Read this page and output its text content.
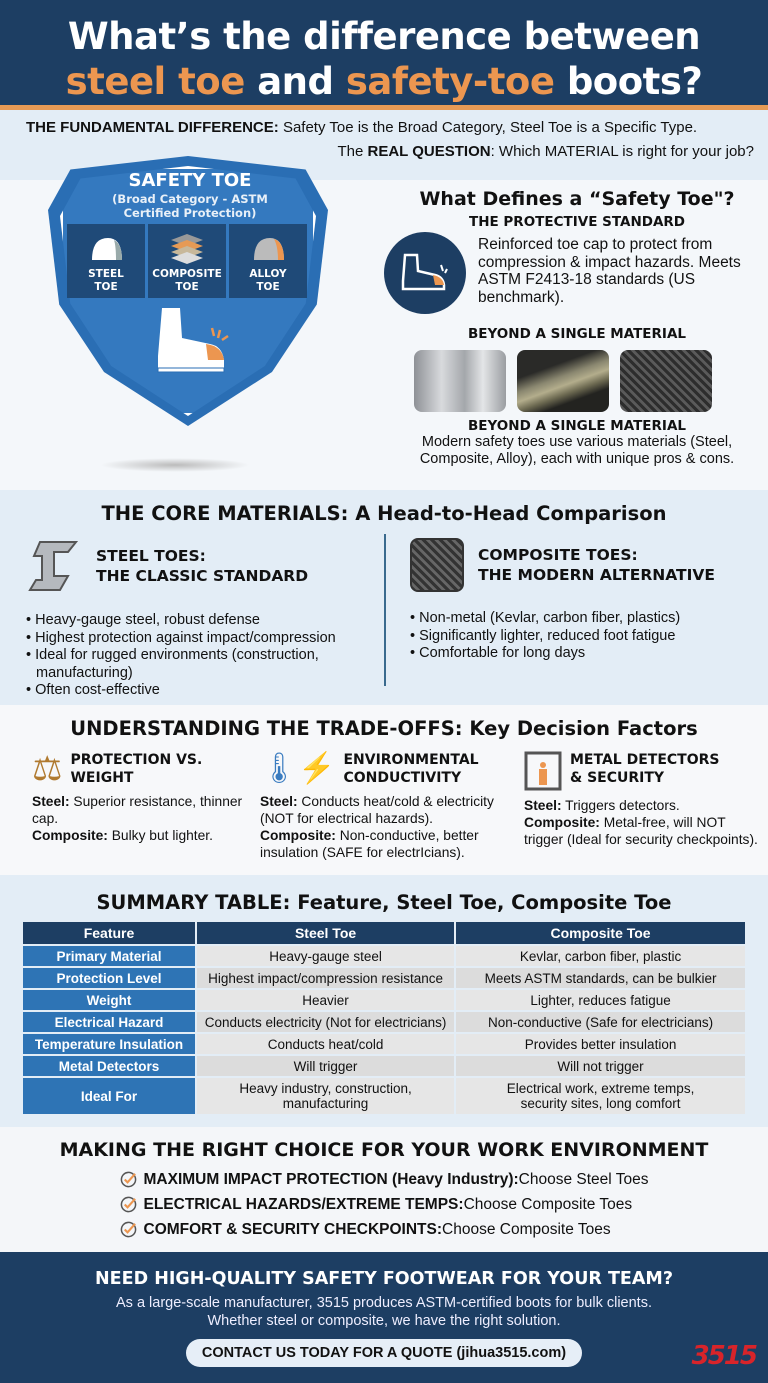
What’s the difference between
steel toe and safety-toe boots?
THE FUNDAMENTAL DIFFERENCE: Safety Toe is the Broad Category, Steel Toe is a Specific Type.
The REAL QUESTION: Which MATERIAL is right for your job?
SAFETY TOE
(Broad Category - ASTM
Certified Protection)
STEEL
TOE
COMPOSITE
TOE
ALLOY
TOE
What Defines a “Safety Toe"?
THE PROTECTIVE STANDARD
Reinforced toe cap to protect from compression & impact hazards. Meets ASTM F2413-18 standards (US benchmark).
BEYOND A SINGLE MATERIAL
BEYOND A SINGLE MATERIAL

Modern safety toes use various materials (Steel, Composite, Alloy), each with unique pros & cons.

THE CORE MATERIALS: A Head-to-Head Comparison
STEEL TOES:
THE CLASSIC STANDARD
• Heavy-gauge steel, robust defense
• Highest protection against impact/compression
• Ideal for rugged environments (construction, manufacturing)
• Often cost-effective
COMPOSITE TOES:
THE MODERN ALTERNATIVE
• Non-metal (Kevlar, carbon fiber, plastics)
• Significantly lighter, reduced foot fatigue
• Comfortable for long days
UNDERSTANDING THE TRADE-OFFS: Key Decision Factors
⚖ PROTECTION VS.
WEIGHT

Steel: Superior resistance, thinner cap.
Composite: Bulky but lighter.

🌡 ⚡ ENVIRONMENTAL
CONDUCTIVITY

Steel: Conducts heat/cold & electricity (NOT for electrical hazards).
Composite: Non-conductive, better insulation (SAFE for electrIcians).

METAL DETECTORS
& SECURITY

Steel: Triggers detectors.
Composite: Metal-free, will NOT trigger (Ideal for security checkpoints).

SUMMARY TABLE: Feature, Steel Toe, Composite Toe
Feature	Steel Toe	Composite Toe
Primary Material	Heavy-gauge steel	Kevlar, carbon fiber, plastic
Protection Level	Highest impact/compression resistance	Meets ASTM standards, can be bulkier
Weight	Heavier	Lighter, reduces fatigue
Electrical Hazard	Conducts electricity (Not for electricians)	Non-conductive (Safe for electricians)
Temperature Insulation	Conducts heat/cold	Provides better insulation
Metal Detectors	Will trigger	Will not trigger
Ideal For	Heavy industry, construction, manufacturing	Electrical work, extreme temps, security sites, long comfort
MAKING THE RIGHT CHOICE FOR YOUR WORK ENVIRONMENT
MAXIMUM IMPACT PROTECTION (Heavy Industry): Choose Steel Toes
ELECTRICAL HAZARDS/EXTREME TEMPS: Choose Composite Toes
COMFORT & SECURITY CHECKPOINTS: Choose Composite Toes
NEED HIGH-QUALITY SAFETY FOOTWEAR FOR YOUR TEAM?

As a large-scale manufacturer, 3515 produces ASTM-certified boots for bulk clients.
Whether steel or composite, we have the right solution.

CONTACT US TODAY FOR A QUOTE (jihua3515.com)	3515
